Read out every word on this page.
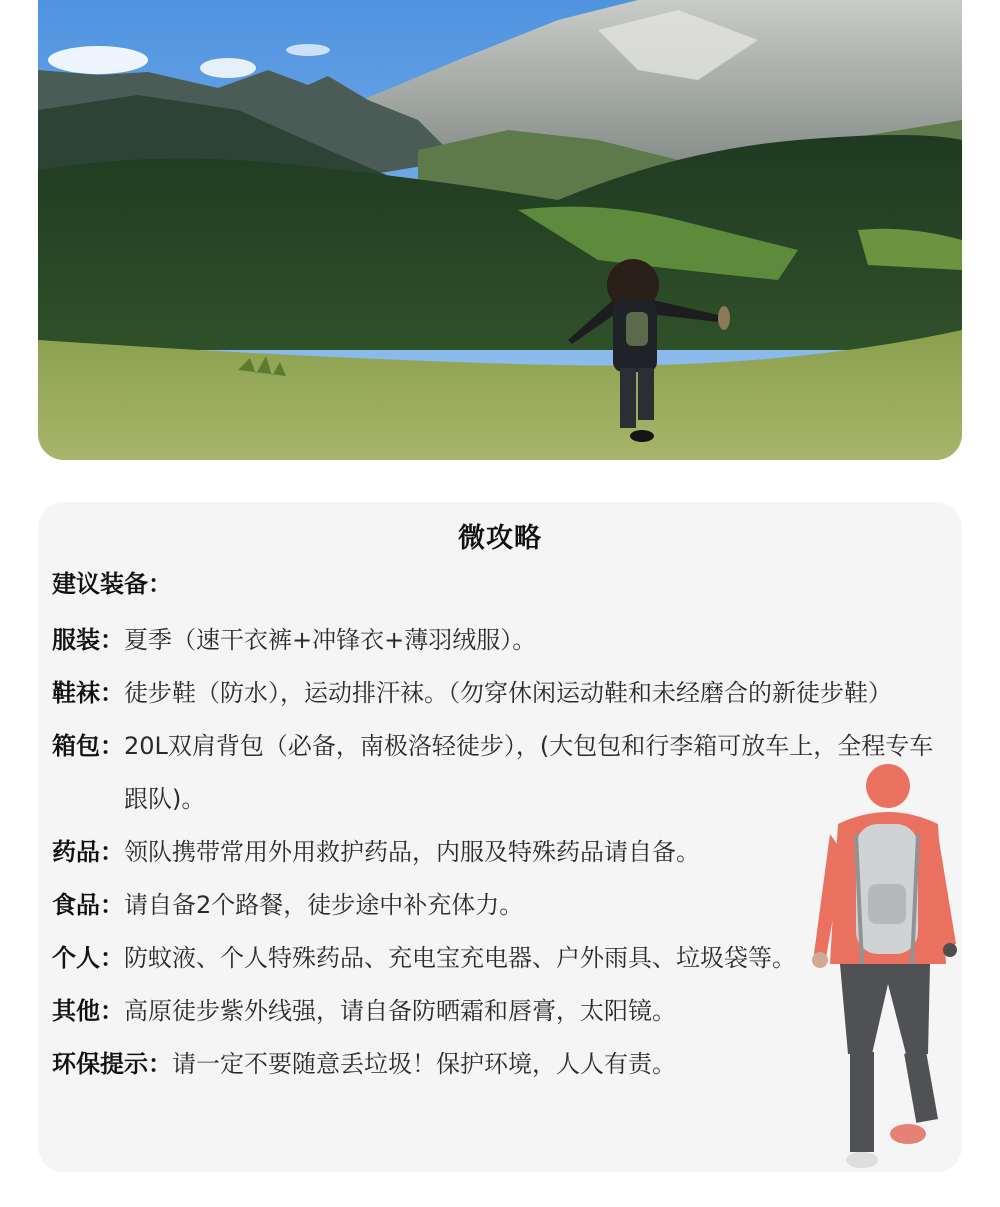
微攻略
建议装备：
服装： 夏季（速干衣裤+冲锋衣+薄羽绒服）。
鞋袜： 徒步鞋（防水），运动排汗袜。（勿穿休闲运动鞋和未经磨合的新徒步鞋）
箱包： 20L双肩背包（必备，南极洛轻徒步），(大包包和行李箱可放车上，全程专车跟队)。
药品： 领队携带常用外用救护药品，内服及特殊药品请自备。
食品： 请自备2个路餐，徒步途中补充体力。
个人： 防蚊液、个人特殊药品、充电宝充电器、户外雨具、垃圾袋等。
其他： 高原徒步紫外线强，请自备防晒霜和唇膏，太阳镜。
环保提示： 请一定不要随意丢垃圾！保护环境，人人有责。
